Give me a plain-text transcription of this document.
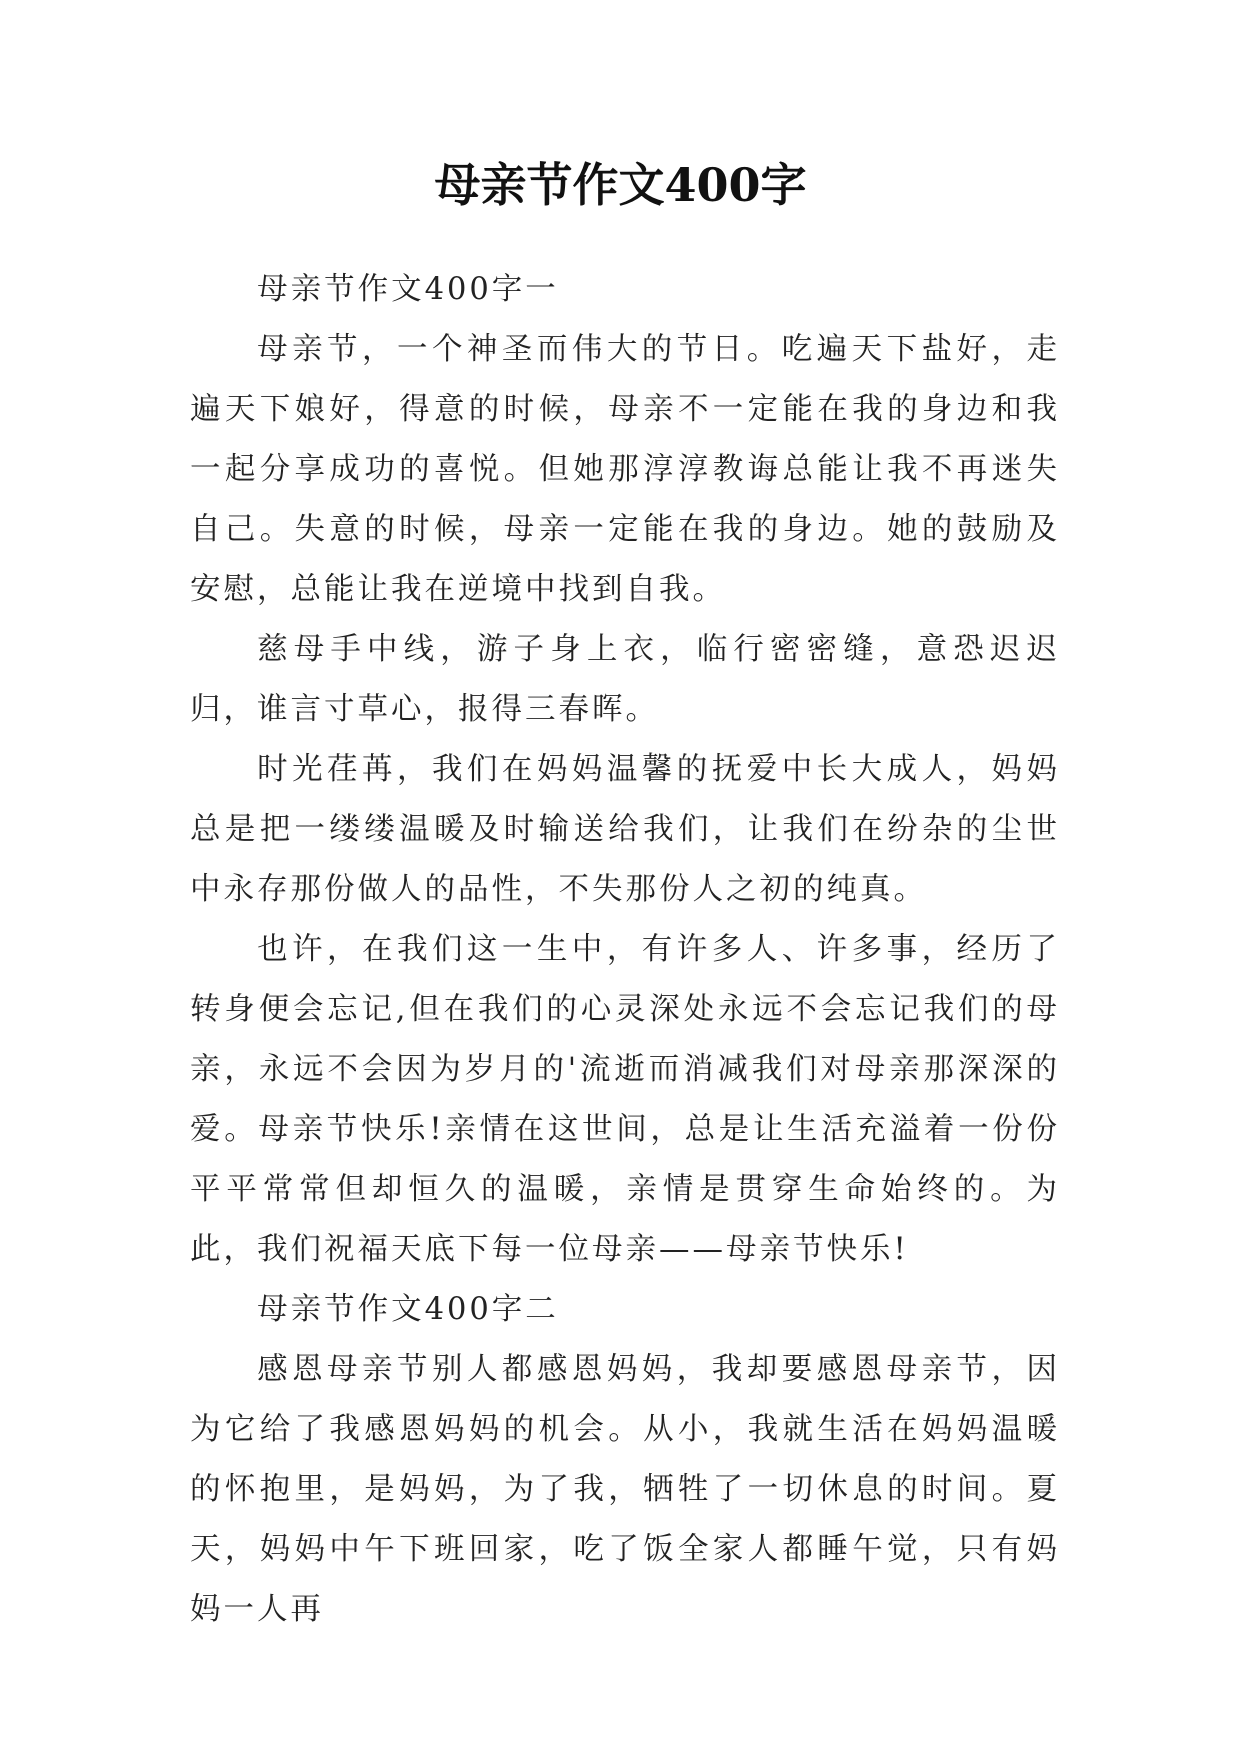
母亲节作文400字

母亲节作文400字一

母亲节，一个神圣而伟大的节日。吃遍天下盐好，走遍天下娘好，得意的时候，母亲不一定能在我的身边和我一起分享成功的喜悦。但她那淳淳教诲总能让我不再迷失自己。失意的时候，母亲一定能在我的身边。她的鼓励及安慰，总能让我在逆境中找到自我。

慈母手中线，游子身上衣，临行密密缝，意恐迟迟归，谁言寸草心，报得三春晖。

时光荏苒，我们在妈妈温馨的抚爱中长大成人，妈妈总是把一缕缕温暖及时输送给我们，让我们在纷杂的尘世中永存那份做人的品性，不失那份人之初的纯真。

也许，在我们这一生中，有许多人、许多事，经历了转身便会忘记,但在我们的心灵深处永远不会忘记我们的母亲，永远不会因为岁月的'流逝而消减我们对母亲那深深的爱。母亲节快乐!亲情在这世间，总是让生活充溢着一份份平平常常但却恒久的温暖，亲情是贯穿生命始终的。为此，我们祝福天底下每一位母亲——母亲节快乐!

母亲节作文400字二

感恩母亲节别人都感恩妈妈，我却要感恩母亲节，因为它给了我感恩妈妈的机会。从小，我就生活在妈妈温暖的怀抱里，是妈妈，为了我，牺牲了一切休息的时间。夏天，妈妈中午下班回家，吃了饭全家人都睡午觉，只有妈妈一人再
